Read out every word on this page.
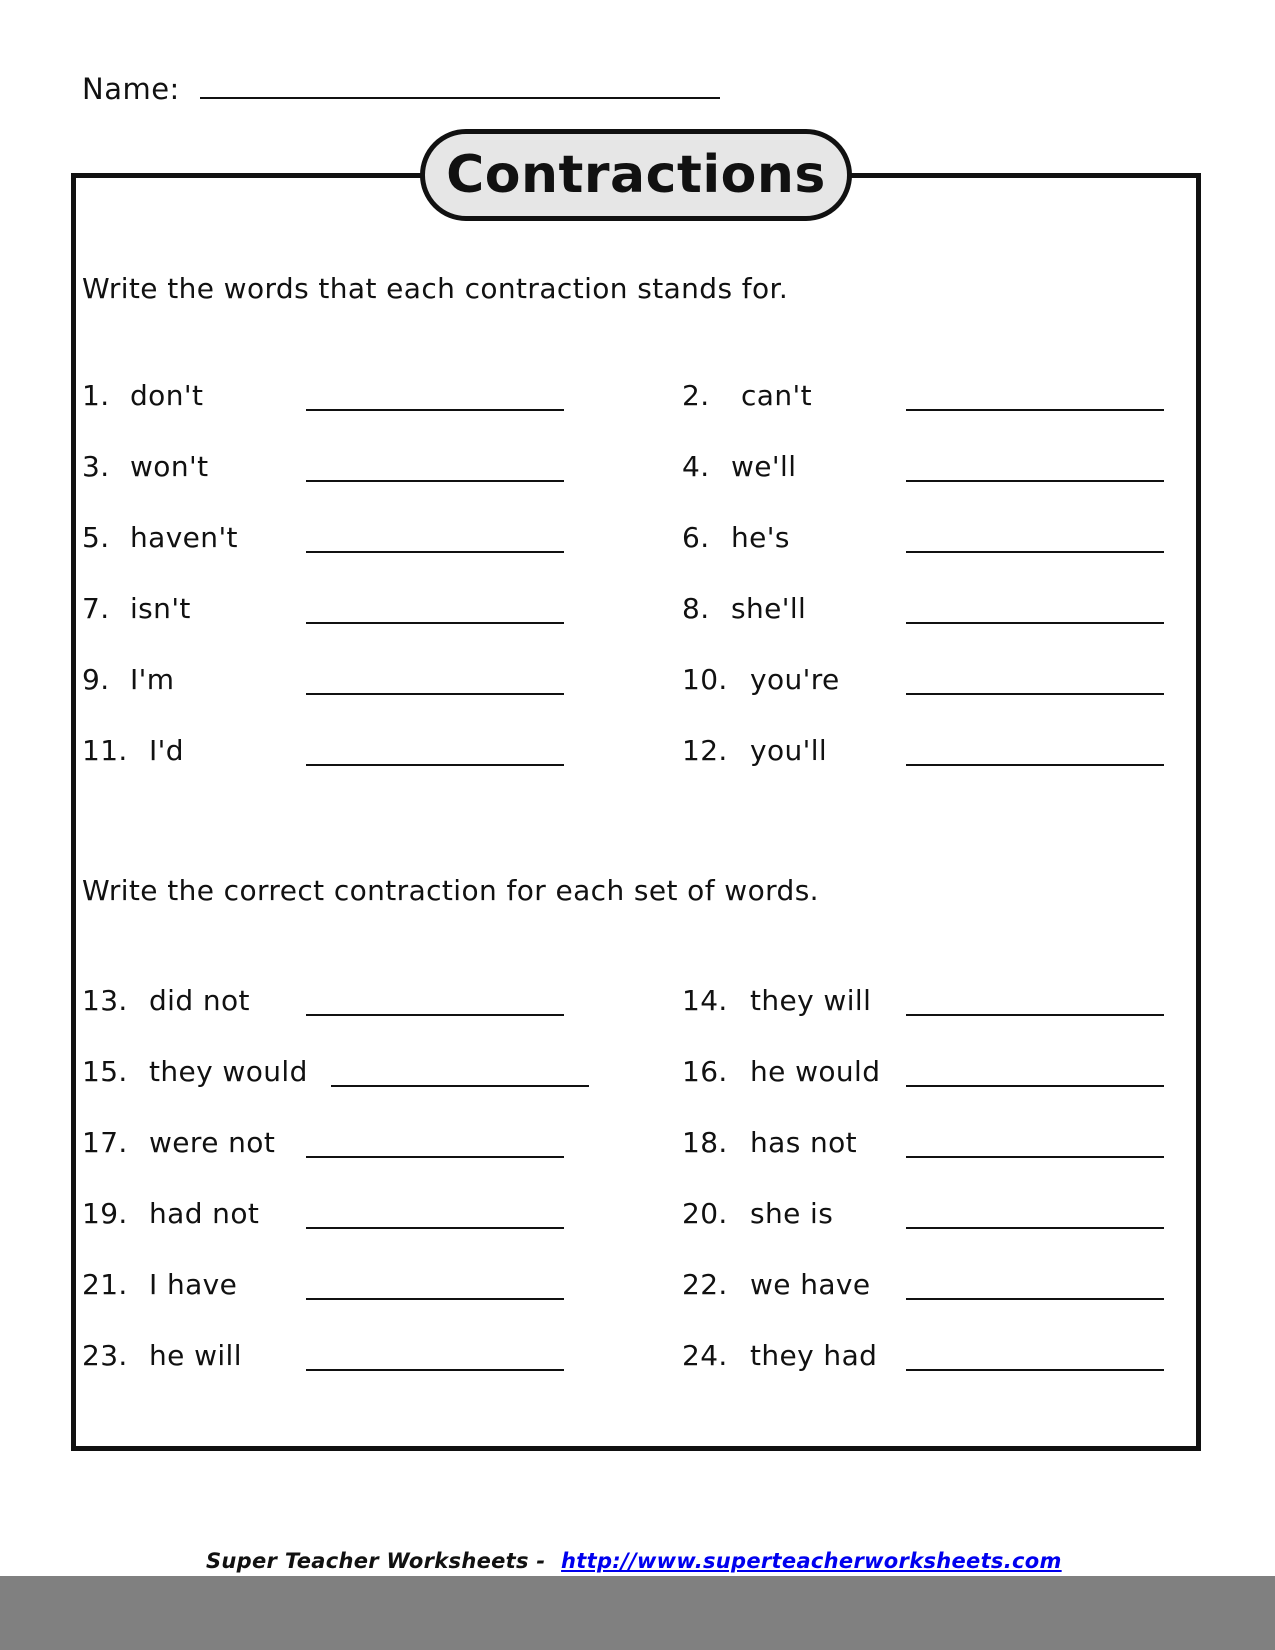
Name:
Contractions
Write the words that each contraction stands for.
1. don't	2. can't
3. won't	4. we'll
5. haven't	6. he's
7. isn't	8. she'll
9. I'm	10. you're
11. I'd	12. you'll
Write the correct contraction for each set of words.
13. did not	14. they will
15. they would	16. he would
17. were not	18. has not
19. had not	20. she is
21. I have	22. we have
23. he will	24. they had
Super Teacher Worksheets - http://www.superteacherworksheets.com
